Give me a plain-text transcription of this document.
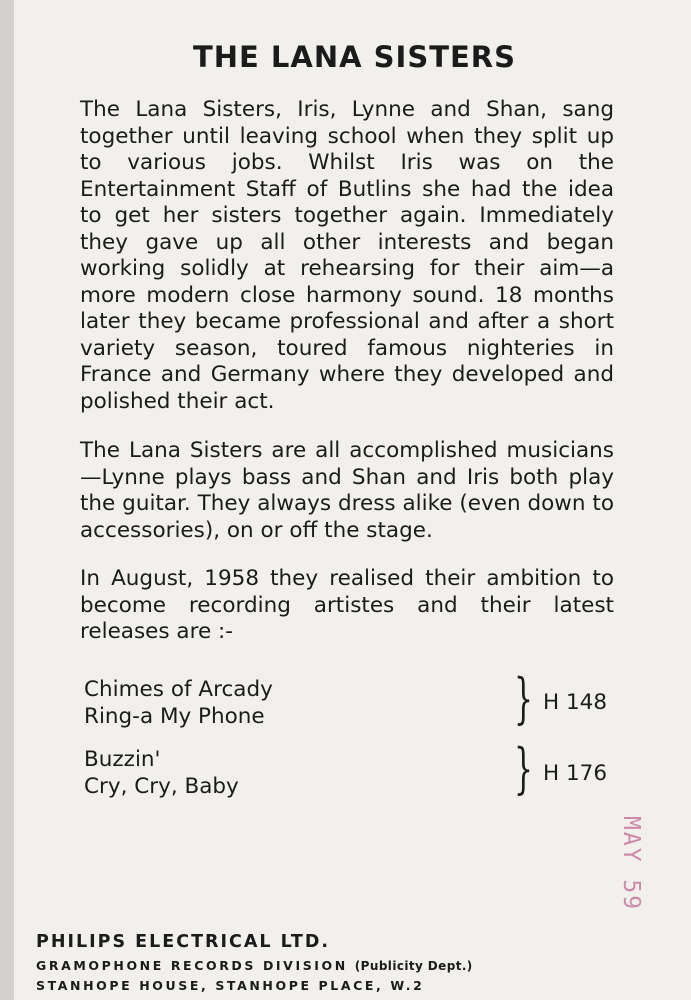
THE LANA SISTERS
The Lana Sisters, Iris, Lynne and Shan, sang together until leaving school when they split up to various jobs. Whilst Iris was on the Entertainment Staff of Butlins she had the idea to get her sisters together again. Immediately they gave up all other interests and began working solidly at rehearsing for their aim—a more modern close harmony sound. 18 months later they became professional and after a short variety season, toured famous nighteries in France and Germany where they developed and polished their act.
The Lana Sisters are all accomplished musicians—Lynne plays bass and Shan and Iris both play the guitar. They always dress alike (even down to accessories), on or off the stage.
In August, 1958 they realised their ambition to become recording artistes and their latest releases are :-
Chimes of Arcady
Ring-a My Phone	} H 148
Buzzin'
Cry, Cry, Baby	} H 176
PHILIPS ELECTRICAL LTD.
GRAMOPHONE RECORDS DIVISION (Publicity Dept.)
STANHOPE HOUSE, STANHOPE PLACE, W.2
MAY 59
